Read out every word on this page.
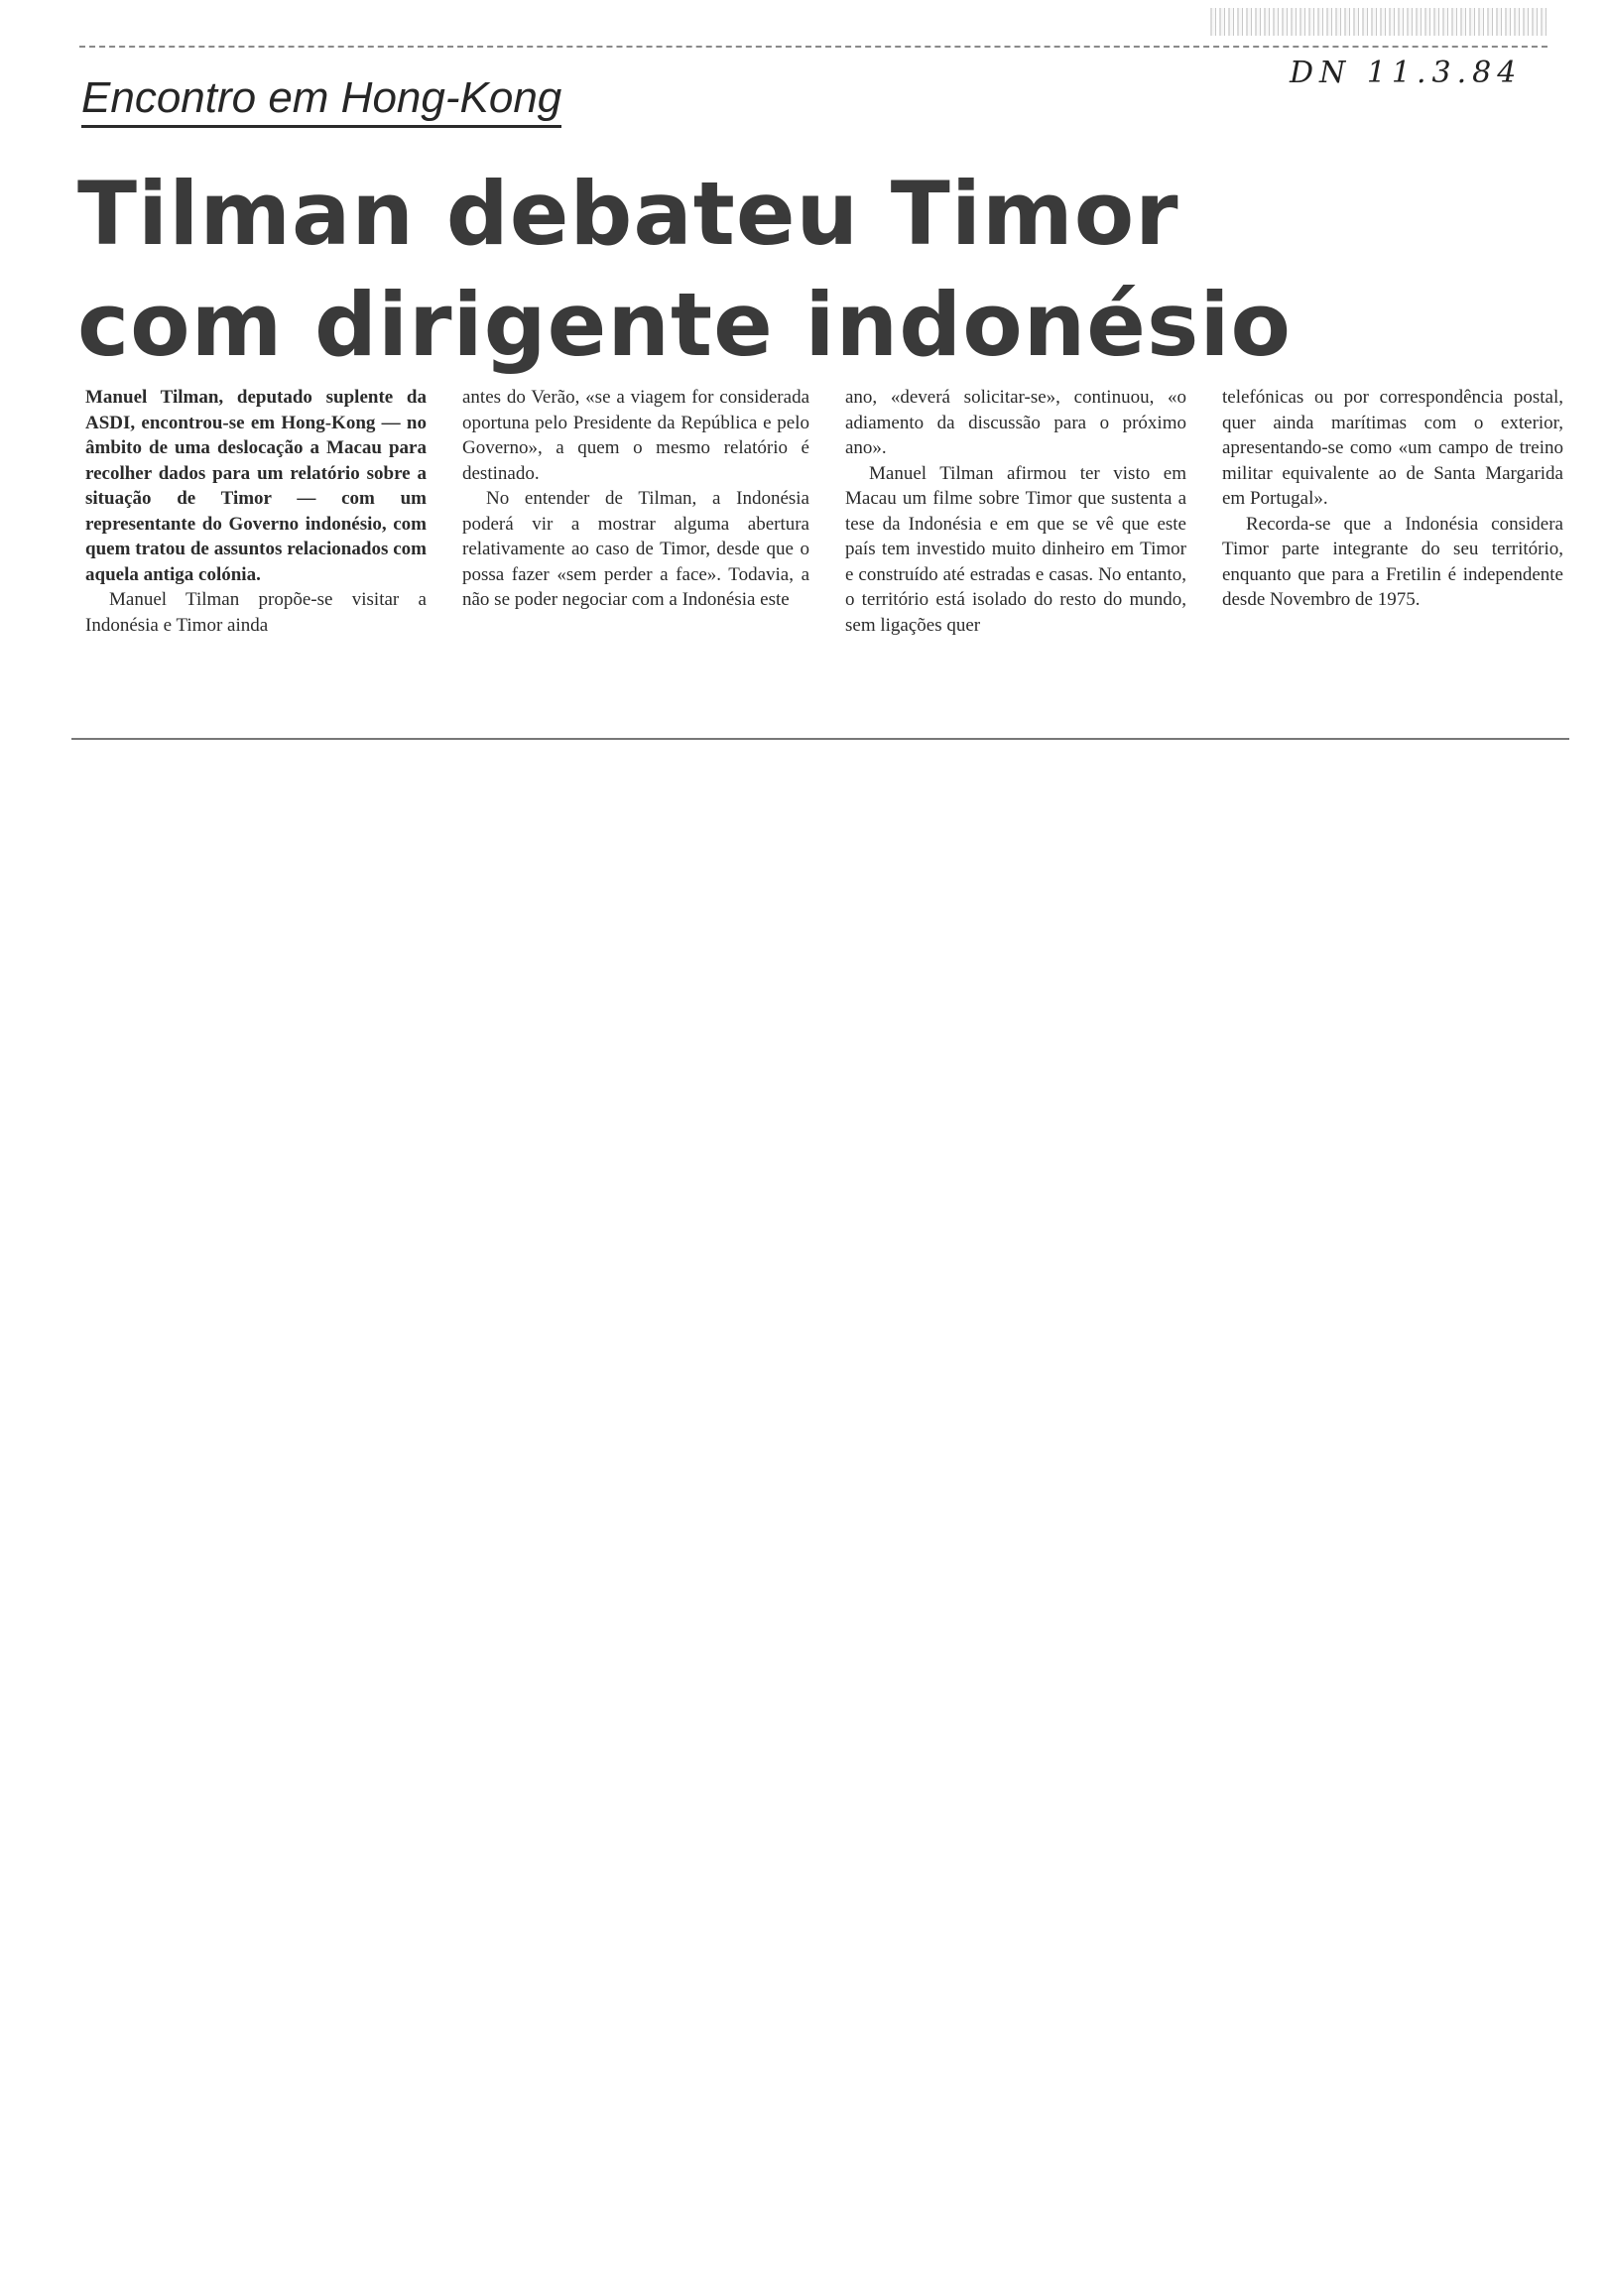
DN 11.3.84
Encontro em Hong-Kong
Tilman debateu Timor
com dirigente indonésio

Manuel Tilman, deputado suplente da ASDI, encontrou-se em Hong-Kong — no âmbito de uma deslocação a Macau para recolher dados para um relatório sobre a situação de Timor — com um representante do Governo indonésio, com quem tratou de assuntos relacionados com aquela antiga colónia.

Manuel Tilman propõe-se visitar a Indonésia e Timor ainda

antes do Verão, «se a viagem for considerada oportuna pelo Presidente da República e pelo Governo», a quem o mesmo relatório é destinado.

No entender de Tilman, a Indonésia poderá vir a mostrar alguma abertura relativamente ao caso de Timor, desde que o possa fazer «sem perder a face». Todavia, a não se poder negociar com a Indonésia este

ano, «deverá solicitar-se», continuou, «o adiamento da discussão para o próximo ano».

Manuel Tilman afirmou ter visto em Macau um filme sobre Timor que sustenta a tese da Indonésia e em que se vê que este país tem investido muito dinheiro em Timor e construído até estradas e casas. No entanto, o território está isolado do resto do mundo, sem ligações quer

telefónicas ou por correspondência postal, quer ainda marítimas com o exterior, apresentando-se como «um campo de treino militar equivalente ao de Santa Margarida em Portugal».

Recorda-se que a Indonésia considera Timor parte integrante do seu território, enquanto que para a Fretilin é independente desde Novembro de 1975.
